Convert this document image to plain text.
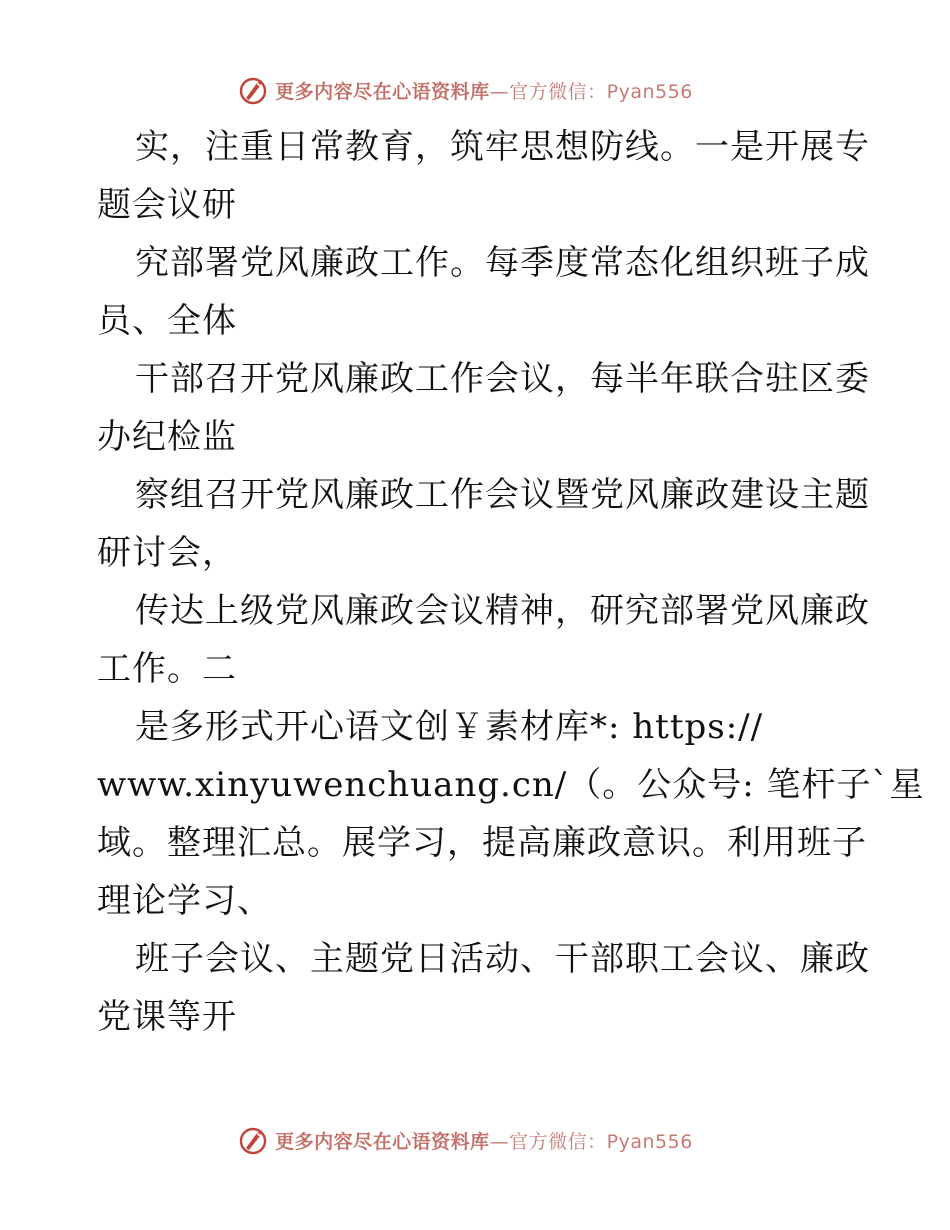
更多内容尽在心语资料库—官方微信：Pyan556
实，注重日常教育，筑牢思想防线。一是开展专
题会议研
究部署党风廉政工作。每季度常态化组织班子成
员、全体
干部召开党风廉政工作会议，每半年联合驻区委
办纪检监
察组召开党风廉政工作会议暨党风廉政建设主题
研讨会，
传达上级党风廉政会议精神，研究部署党风廉政
工作。二
是多形式开心语文创￥素材库*: https://
www.xinyuwenchuang.cn/（。公众号: 笔杆子`星
域。整理汇总。展学习，提高廉政意识。利用班子
理论学习、
班子会议、主题党日活动、干部职工会议、廉政
党课等开
更多内容尽在心语资料库—官方微信：Pyan556
